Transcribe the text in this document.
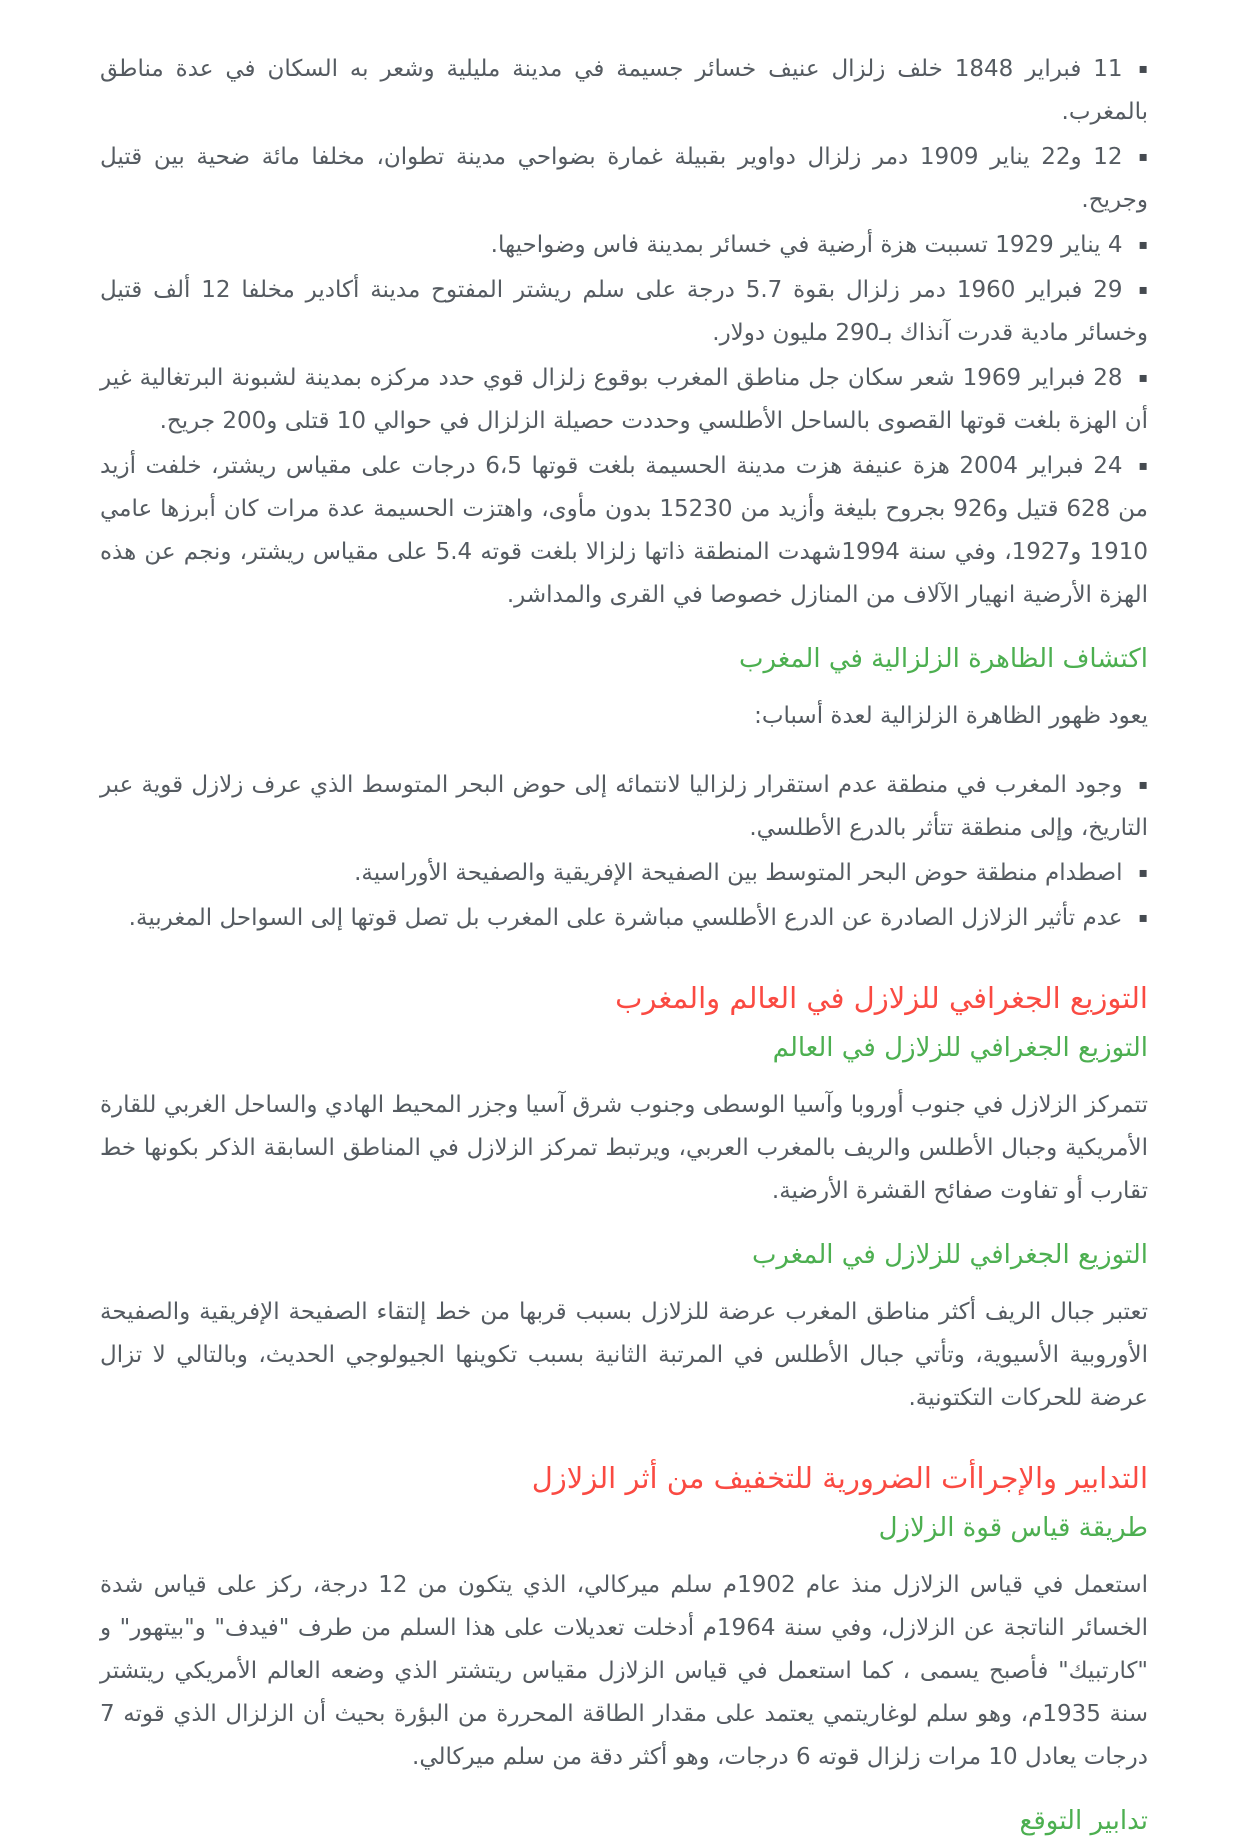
▪11 فبراير 1848 خلف زلزال عنيف خسائر جسيمة في مدينة مليلية وشعر به السكان في عدة مناطق بالمغرب.
▪12 و22 يناير 1909 دمر زلزال دواوير بقبيلة غمارة بضواحي مدينة تطوان، مخلفا مائة ضحية بين قتيل وجريح.
▪4 يناير 1929 تسببت هزة أرضية في خسائر بمدينة فاس وضواحيها.
▪29 فبراير 1960 دمر زلزال بقوة 5.7 درجة على سلم ريشتر المفتوح مدينة أكادير مخلفا 12 ألف قتيل وخسائر مادية قدرت آنذاك بـ290 مليون دولار.
▪28 فبراير 1969 شعر سكان جل مناطق المغرب بوقوع زلزال قوي حدد مركزه بمدينة لشبونة البرتغالية غير أن الهزة بلغت قوتها القصوى بالساحل الأطلسي وحددت حصيلة الزلزال في حوالي 10 قتلى و200 جريح.
▪24 فبراير 2004 هزة عنيفة هزت مدينة الحسيمة بلغت قوتها 6،5 درجات على مقياس ريشتر، خلفت أزيد من 628 قتيل و926 بجروح بليغة وأزيد من 15230 بدون مأوى، واهتزت الحسيمة عدة مرات كان أبرزها عامي 1910 و1927، وفي سنة 1994شهدت المنطقة ذاتها زلزالا بلغت قوته 5.4 على مقياس ريشتر، ونجم عن هذه الهزة الأرضية انهيار الآلاف من المنازل خصوصا في القرى والمداشر.
اكتشاف الظاهرة الزلزالية في المغرب

يعود ظهور الظاهرة الزلزالية لعدة أسباب:

▪وجود المغرب في منطقة عدم استقرار زلزاليا لانتمائه إلى حوض البحر المتوسط الذي عرف زلازل قوية عبر التاريخ، وإلى منطقة تتأثر بالدرع الأطلسي.
▪اصطدام منطقة حوض البحر المتوسط بين الصفيحة الإفريقية والصفيحة الأوراسية.
▪عدم تأثير الزلازل الصادرة عن الدرع الأطلسي مباشرة على المغرب بل تصل قوتها إلى السواحل المغربية.
التوزيع الجغرافي للزلازل في العالم والمغرب
التوزيع الجغرافي للزلازل في العالم

تتمركز الزلازل في جنوب أوروبا وآسيا الوسطى وجنوب شرق آسيا وجزر المحيط الهادي والساحل الغربي للقارة الأمريكية وجبال الأطلس والريف بالمغرب العربي، ويرتبط تمركز الزلازل في المناطق السابقة الذكر بكونها خط تقارب أو تفاوت صفائح القشرة الأرضية.

التوزيع الجغرافي للزلازل في المغرب

تعتبر جبال الريف أكثر مناطق المغرب عرضة للزلازل بسبب قربها من خط إلتقاء الصفيحة الإفريقية والصفيحة الأوروبية الأسيوية، وتأتي جبال الأطلس في المرتبة الثانية بسبب تكوينها الجيولوجي الحديث، وبالتالي لا تزال عرضة للحركات التكتونية.

التدابير والإجراأت الضرورية للتخفيف من أثر الزلازل
طريقة قياس قوة الزلازل

استعمل في قياس الزلازل منذ عام 1902م سلم ميركالي، الذي يتكون من 12 درجة، ركز على قياس شدة الخسائر الناتجة عن الزلازل، وفي سنة 1964م أدخلت تعديلات على هذا السلم من طرف "فيدف" و"بيتهور" و "كارتبيك" فأصبح يسمى ، كما استعمل في قياس الزلازل مقياس ريتشتر الذي وضعه العالم الأمريكي ريتشتر سنة 1935م، وهو سلم لوغاريتمي يعتمد على مقدار الطاقة المحررة من البؤرة بحيث أن الزلزال الذي قوته 7 درجات يعادل 10 مرات زلزال قوته 6 درجات، وهو أكثر دقة من سلم ميركالي.

تدابير التوقع
